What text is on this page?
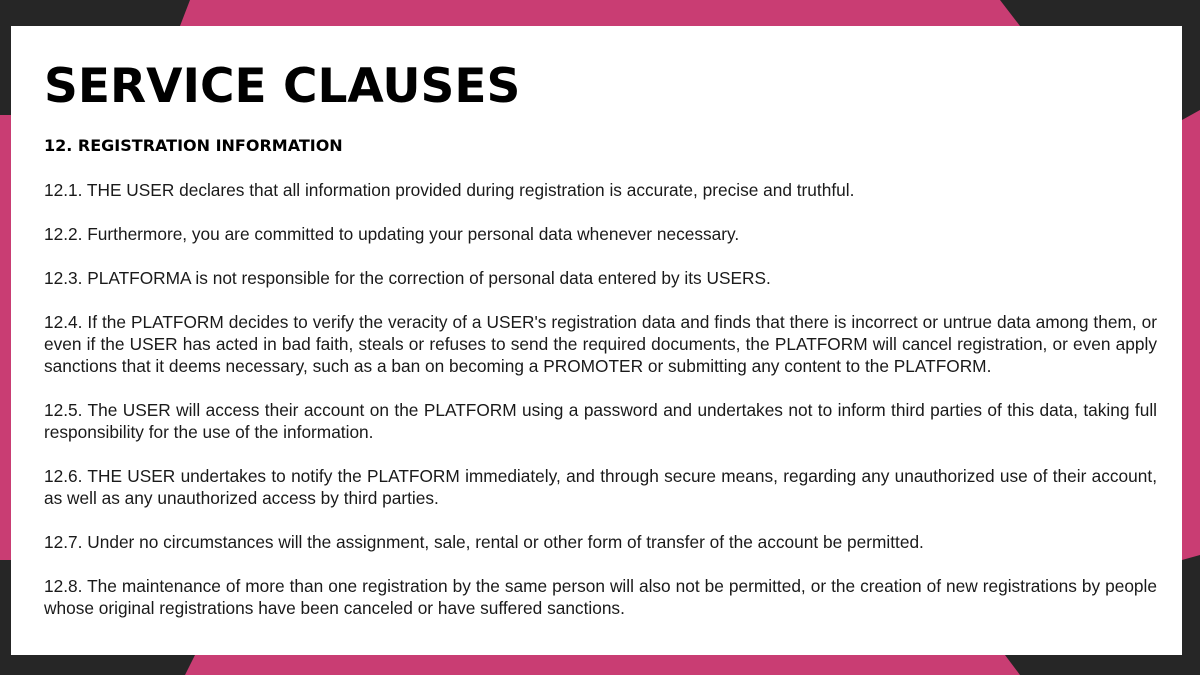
SERVICE CLAUSES
12. REGISTRATION INFORMATION
12.1. THE USER declares that all information provided during registration is accurate, precise and truthful.
12.2. Furthermore, you are committed to updating your personal data whenever necessary.
12.3. PLATFORMA is not responsible for the correction of personal data entered by its USERS.
12.4. If the PLATFORM decides to verify the veracity of a USER's registration data and finds that there is incorrect or untrue data among them, or even if the USER has acted in bad faith, steals or refuses to send the required documents, the PLATFORM will cancel registration, or even apply sanctions that it deems necessary, such as a ban on becoming a PROMOTER or submitting any content to the PLATFORM.
12.5. The USER will access their account on the PLATFORM using a password and undertakes not to inform third parties of this data, taking full responsibility for the use of the information.
12.6. THE USER undertakes to notify the PLATFORM immediately, and through secure means, regarding any unauthorized use of their account, as well as any unauthorized access by third parties.
12.7. Under no circumstances will the assignment, sale, rental or other form of transfer of the account be permitted.
12.8. The maintenance of more than one registration by the same person will also not be permitted, or the creation of new registrations by people whose original registrations have been canceled or have suffered sanctions.
